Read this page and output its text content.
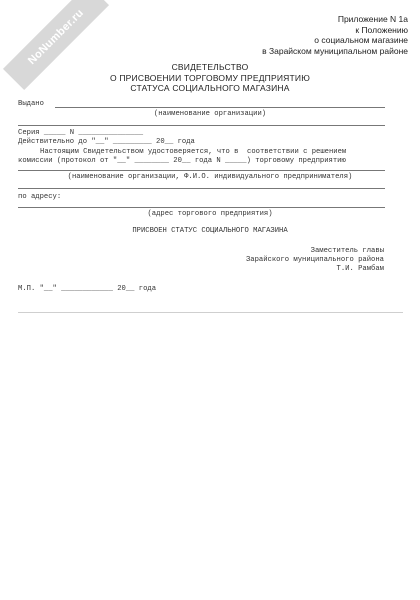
NoNumber.ru	Приложение N 1а
к Положению
о социальном магазине
в Зарайском муниципальном районе
СВИДЕТЕЛЬСТВО
О ПРИСВОЕНИИ ТОРГОВОМУ ПРЕДПРИЯТИЮ
СТАТУСА СОЦИАЛЬНОГО МАГАЗИНА
Выдано
(наименование организации)
Серия _____ N _______________
Действительно до "__" _________ 20__ года
Настоящим Свидетельством удостоверяется, что в  соответствии с решением
комиссии (протокол от "__" ________ 20__ года N _____) торговому предприятию
(наименование организации, Ф.И.О. индивидуального предпринимателя)
по адресу:
(адрес торгового предприятия)
ПРИСВОЕН СТАТУС СОЦИАЛЬНОГО МАГАЗИНА
Заместитель главы
Зарайского муниципального района
Т.И. Рамбам
М.П. "__" ____________ 20__ года
